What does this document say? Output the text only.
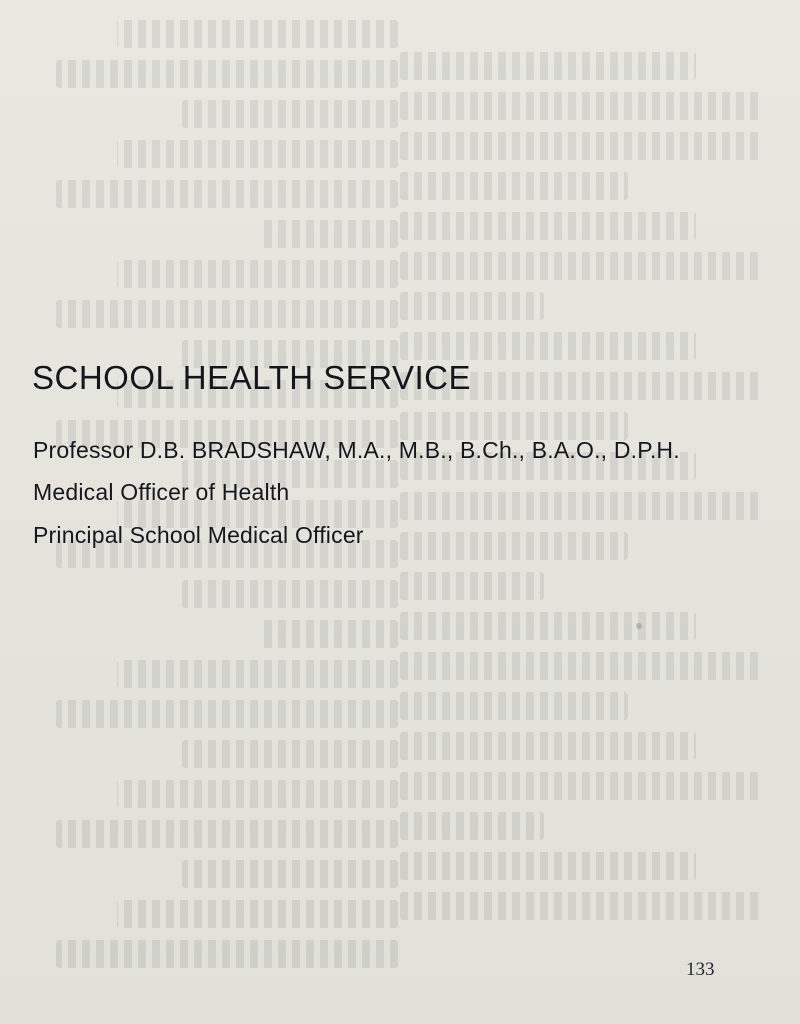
SCHOOL HEALTH SERVICE

Professor D.B. BRADSHAW, M.A., M.B., B.Ch., B.A.O., D.P.H.

Medical Officer of Health

Principal School Medical Officer

133
